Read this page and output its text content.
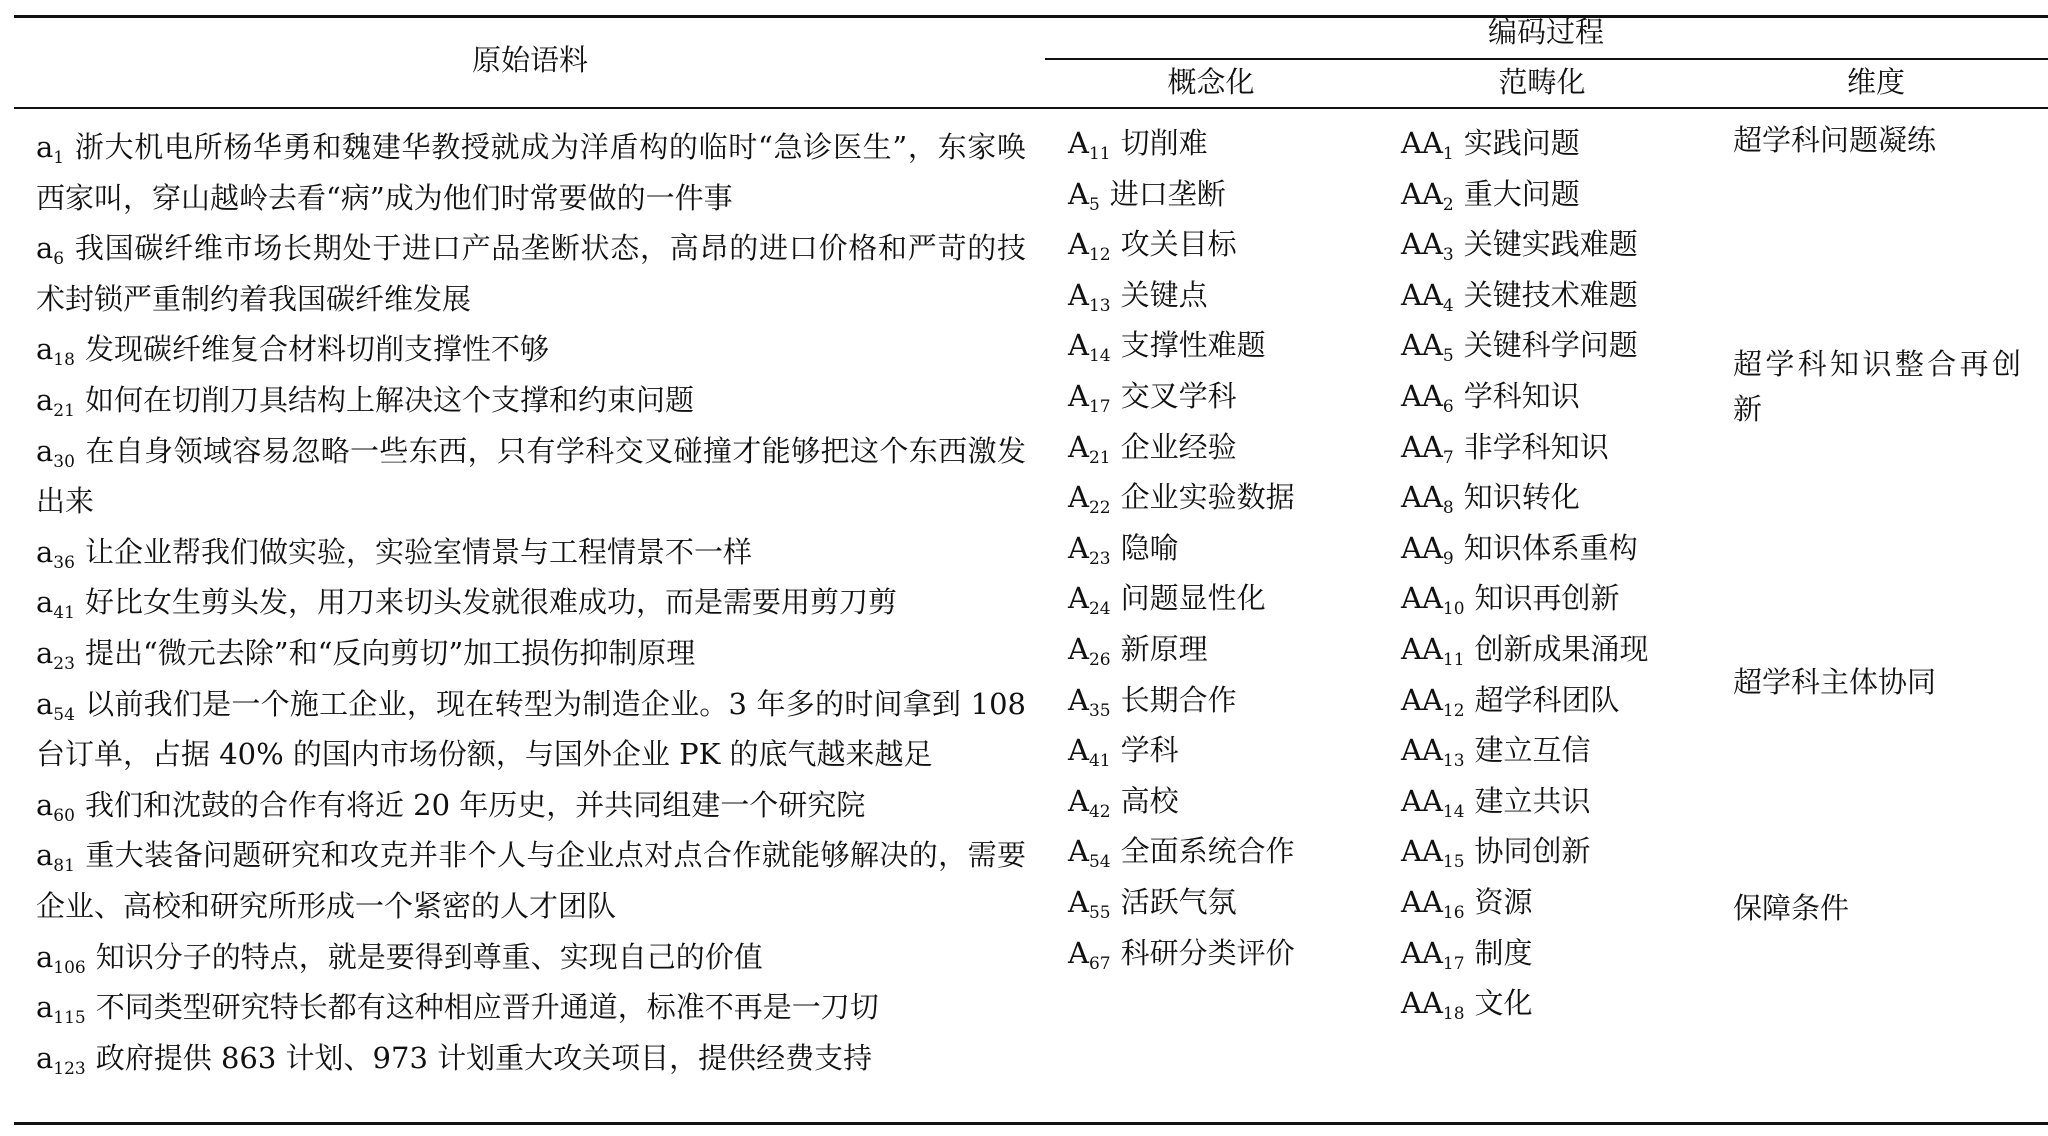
原始语料
编码过程
概念化	范畴化	维度
$a_1$ 浙大机电所杨华勇和魏建华教授就成为洋盾构的临时“急诊医生”，东家唤西家叫，穿山越岭去看“病”成为他们时常要做的一件事
$a_6$ 我国碳纤维市场长期处于进口产品垄断状态，高昂的进口价格和严苛的技术封锁严重制约着我国碳纤维发展
$a_{18}$ 发现碳纤维复合材料切削支撑性不够
$a_{21}$ 如何在切削刀具结构上解决这个支撑和约束问题
$a_{30}$ 在自身领域容易忽略一些东西，只有学科交叉碰撞才能够把这个东西激发出来
$a_{36}$ 让企业帮我们做实验，实验室情景与工程情景不一样
$a_{41}$ 好比女生剪头发，用刀来切头发就很难成功，而是需要用剪刀剪
$a_{23}$ 提出“微元去除”和“反向剪切”加工损伤抑制原理
$a_{54}$ 以前我们是一个施工企业，现在转型为制造企业。3 年多的时间拿到 108 台订单，占据 40% 的国内市场份额，与国外企业 PK 的底气越来越足
$a_{60}$ 我们和沈鼓的合作有将近 20 年历史，并共同组建一个研究院
$a_{81}$ 重大装备问题研究和攻克并非个人与企业点对点合作就能够解决的，需要企业、高校和研究所形成一个紧密的人才团队
$a_{106}$ 知识分子的特点，就是要得到尊重、实现自己的价值
$a_{115}$ 不同类型研究特长都有这种相应晋升通道，标准不再是一刀切
$a_{123}$ 政府提供 863 计划、973 计划重大攻关项目，提供经费支持
$A_{11}$ 切削难
$A_5$ 进口垄断
$A_{12}$ 攻关目标
$A_{13}$ 关键点
$A_{14}$ 支撑性难题
$A_{17}$ 交叉学科
$A_{21}$ 企业经验
$A_{22}$ 企业实验数据
$A_{23}$ 隐喻
$A_{24}$ 问题显性化
$A_{26}$ 新原理
$A_{35}$ 长期合作
$A_{41}$ 学科
$A_{42}$ 高校
$A_{54}$ 全面系统合作
$A_{55}$ 活跃气氛
$A_{67}$ 科研分类评价
$AA_1$ 实践问题
$AA_2$ 重大问题
$AA_3$ 关键实践难题
$AA_4$ 关键技术难题
$AA_5$ 关键科学问题
$AA_6$ 学科知识
$AA_7$ 非学科知识
$AA_8$ 知识转化
$AA_9$ 知识体系重构
$AA_{10}$ 知识再创新
$AA_{11}$ 创新成果涌现
$AA_{12}$ 超学科团队
$AA_{13}$ 建立互信
$AA_{14}$ 建立共识
$AA_{15}$ 协同创新
$AA_{16}$ 资源
$AA_{17}$ 制度
$AA_{18}$ 文化
超学科问题凝练
超学科知识整合再创新
超学科主体协同
保障条件
